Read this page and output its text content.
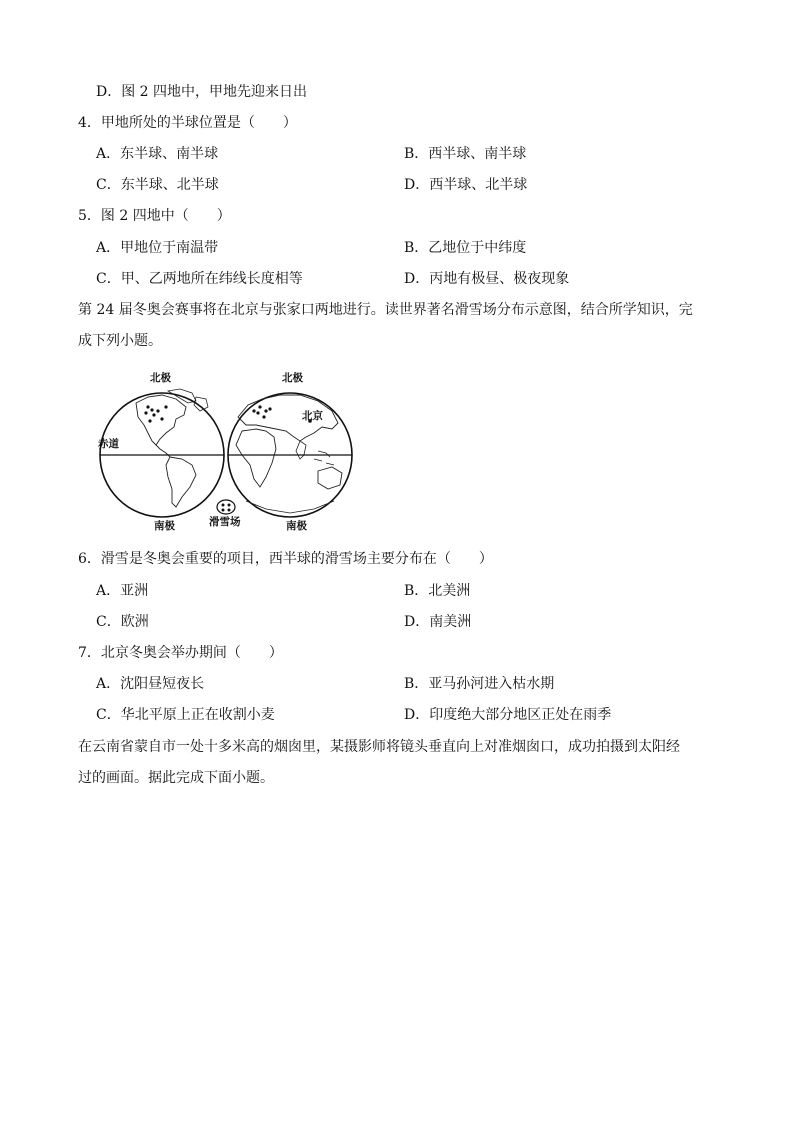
D．图 2 四地中，甲地先迎来日出
4．甲地所处的半球位置是（　　）
A．东半球、南半球	B．西半球、南半球
C．东半球、北半球	D．西半球、北半球
5．图 2 四地中（　　）
A．甲地位于南温带	B．乙地位于中纬度
C．甲、乙两地所在纬线长度相等	D．丙地有极昼、极夜现象
第 24 届冬奥会赛事将在北京与张家口两地进行。读世界著名滑雪场分布示意图，结合所学知识，完
成下列小题。
北极	北极
赤道
北京
南极	南极
滑雪场
6．滑雪是冬奥会重要的项目，西半球的滑雪场主要分布在（　　）
A．亚洲	B．北美洲
C．欧洲	D．南美洲
7．北京冬奥会举办期间（　　）
A．沈阳昼短夜长	B．亚马孙河进入枯水期
C．华北平原上正在收割小麦	D．印度绝大部分地区正处在雨季
在云南省蒙自市一处十多米高的烟囱里，某摄影师将镜头垂直向上对准烟囱口，成功拍摄到太阳经
过的画面。据此完成下面小题。
